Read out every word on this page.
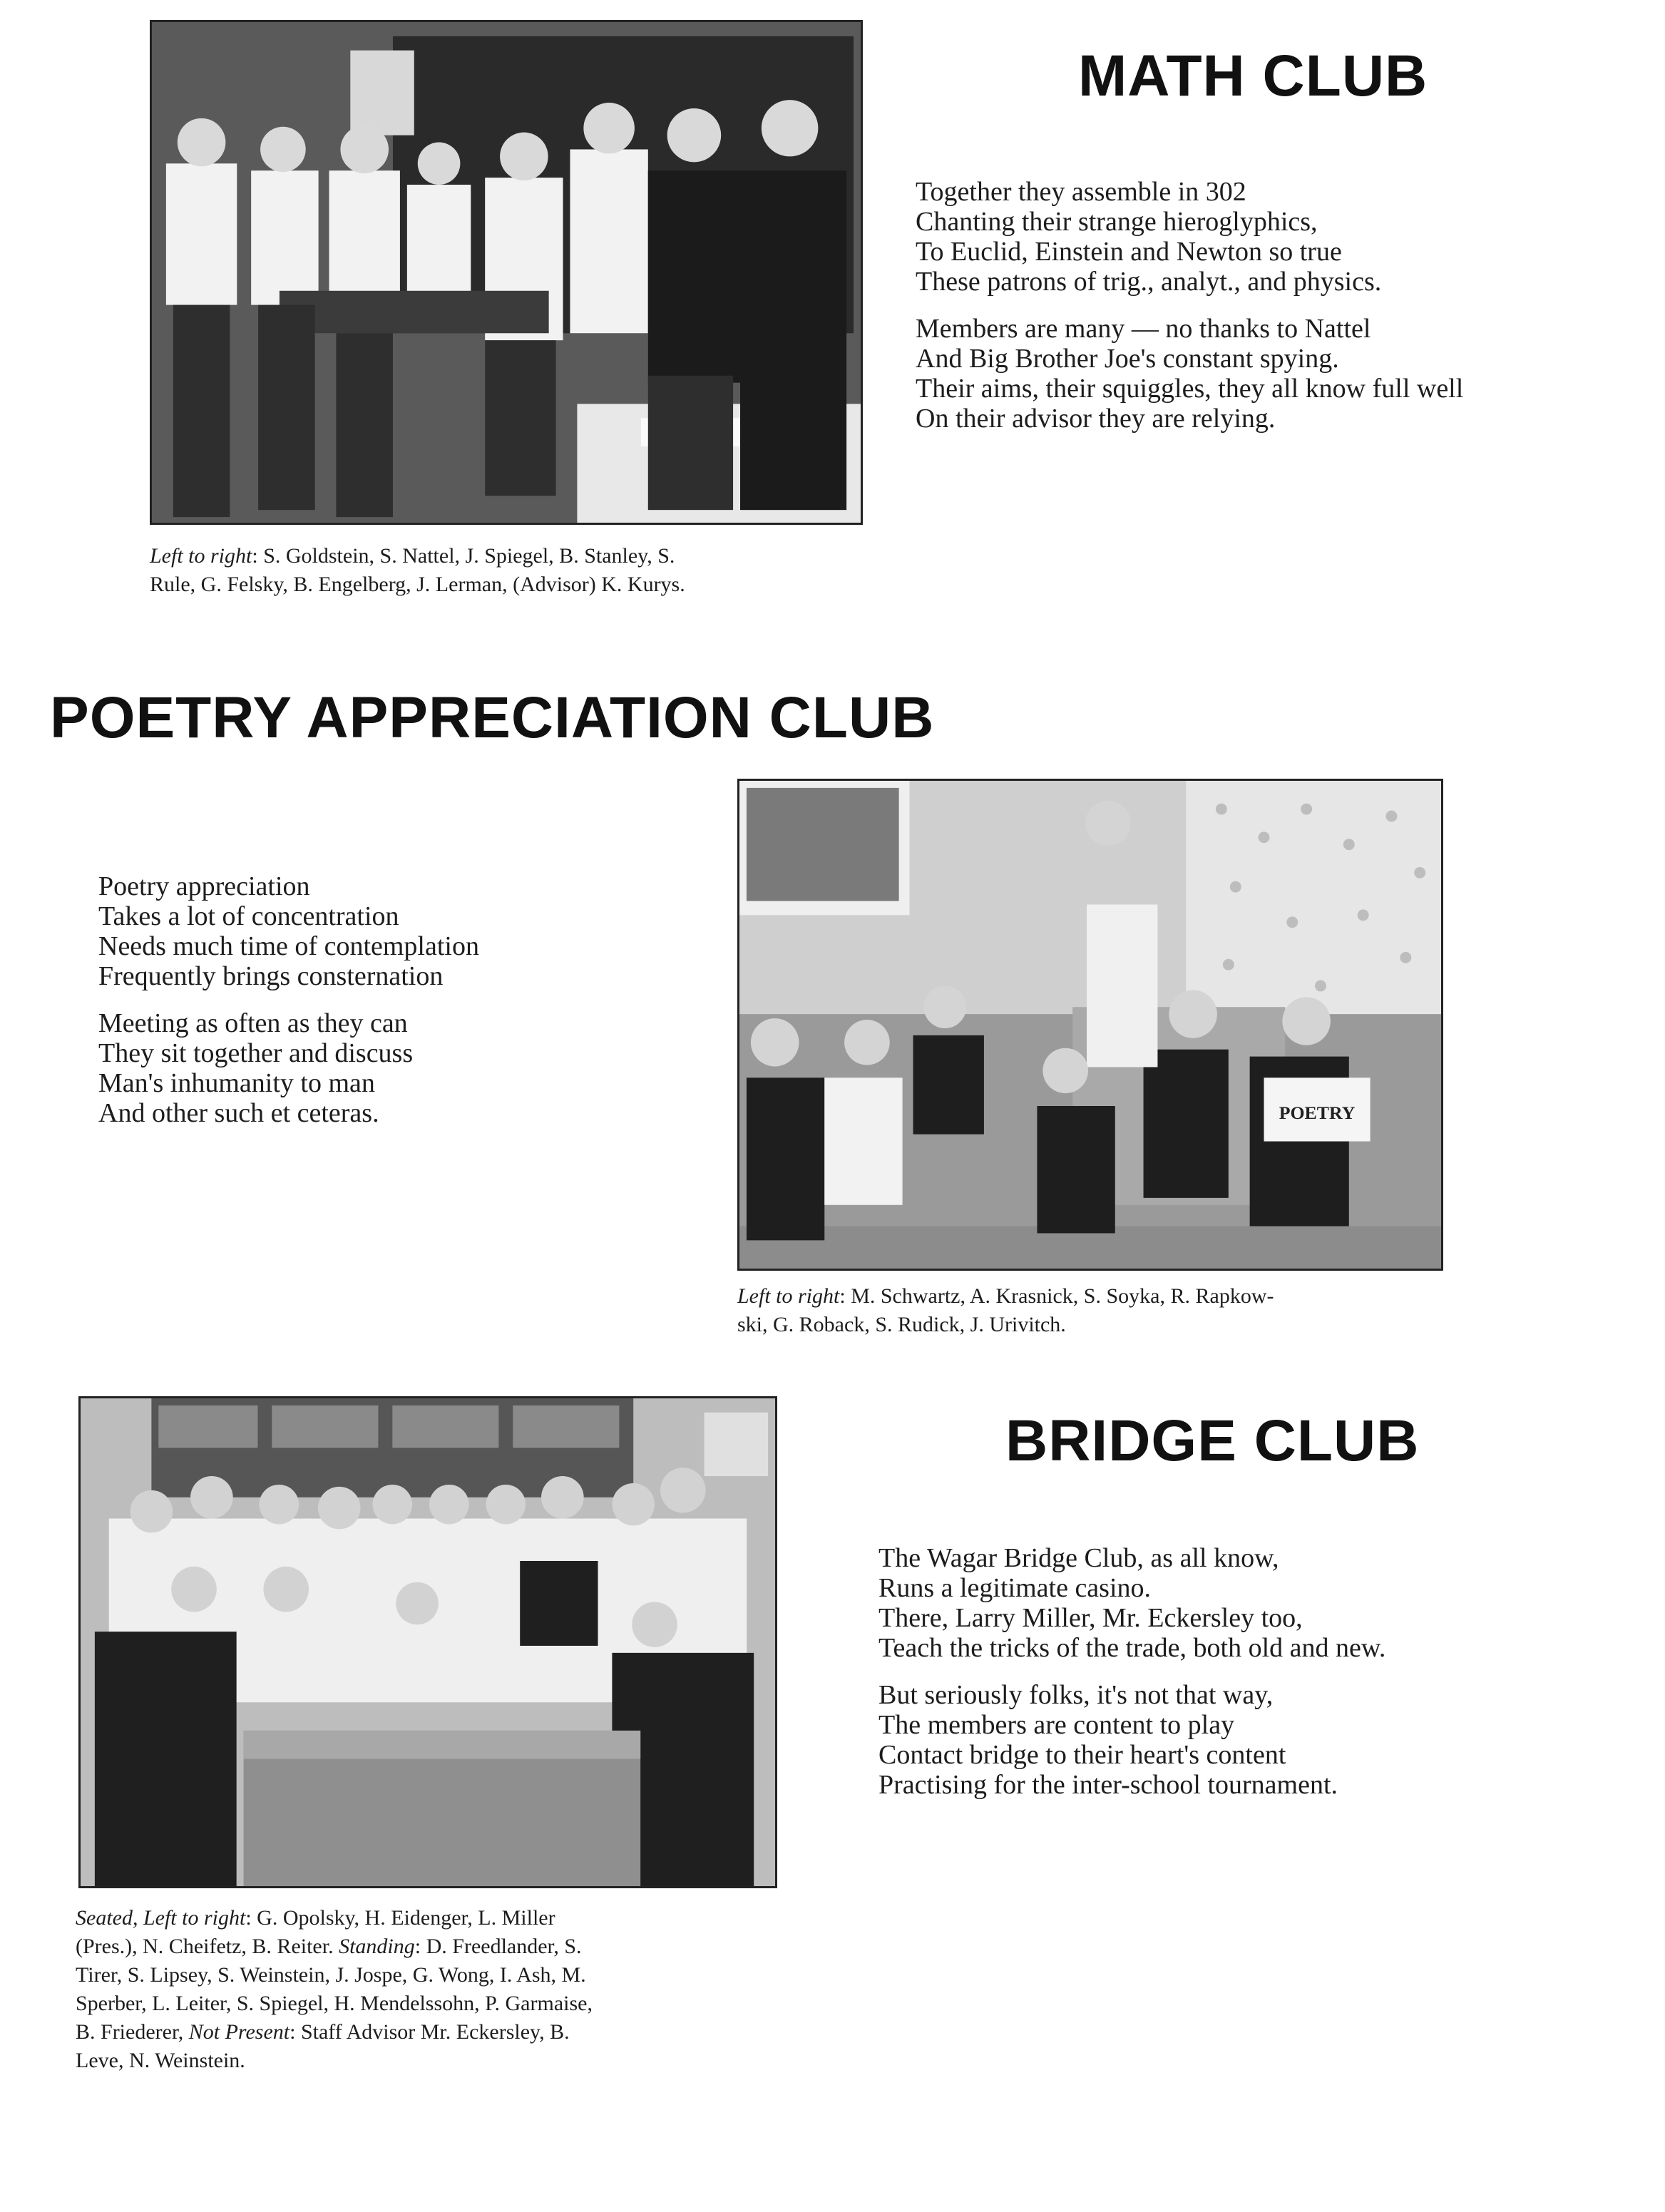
MATH CLUB
Together they assemble in 302
Chanting their strange hieroglyphics,
To Euclid, Einstein and Newton so true
These patrons of trig., analyt., and physics.
Members are many — no thanks to Nattel
And Big Brother Joe's constant spying.
Their aims, their squiggles, they all know full well
On their advisor they are relying.
Left to right: S. Goldstein, S. Nattel, J. Spiegel, B. Stanley, S.
Rule, G. Felsky, B. Engelberg, J. Lerman, (Advisor) K. Kurys.
POETRY APPRECIATION CLUB
Poetry appreciation
Takes a lot of concentration
Needs much time of contemplation
Frequently brings consternation
Meeting as often as they can
They sit together and discuss
Man's inhumanity to man
And other such et ceteras.	POETRY
Left to right: M. Schwartz, A. Krasnick, S. Soyka, R. Rapkow-
ski, G. Roback, S. Rudick, J. Urivitch.
BRIDGE CLUB
The Wagar Bridge Club, as all know,
Runs a legitimate casino.
There, Larry Miller, Mr. Eckersley too,
Teach the tricks of the trade, both old and new.
But seriously folks, it's not that way,
The members are content to play
Contact bridge to their heart's content
Practising for the inter-school tournament.
Seated, Left to right: G. Opolsky, H. Eidenger, L. Miller
(Pres.), N. Cheifetz, B. Reiter. Standing: D. Freedlander, S.
Tirer, S. Lipsey, S. Weinstein, J. Jospe, G. Wong, I. Ash, M.
Sperber, L. Leiter, S. Spiegel, H. Mendelssohn, P. Garmaise,
B. Friederer, Not Present: Staff Advisor Mr. Eckersley, B.
Leve, N. Weinstein.
